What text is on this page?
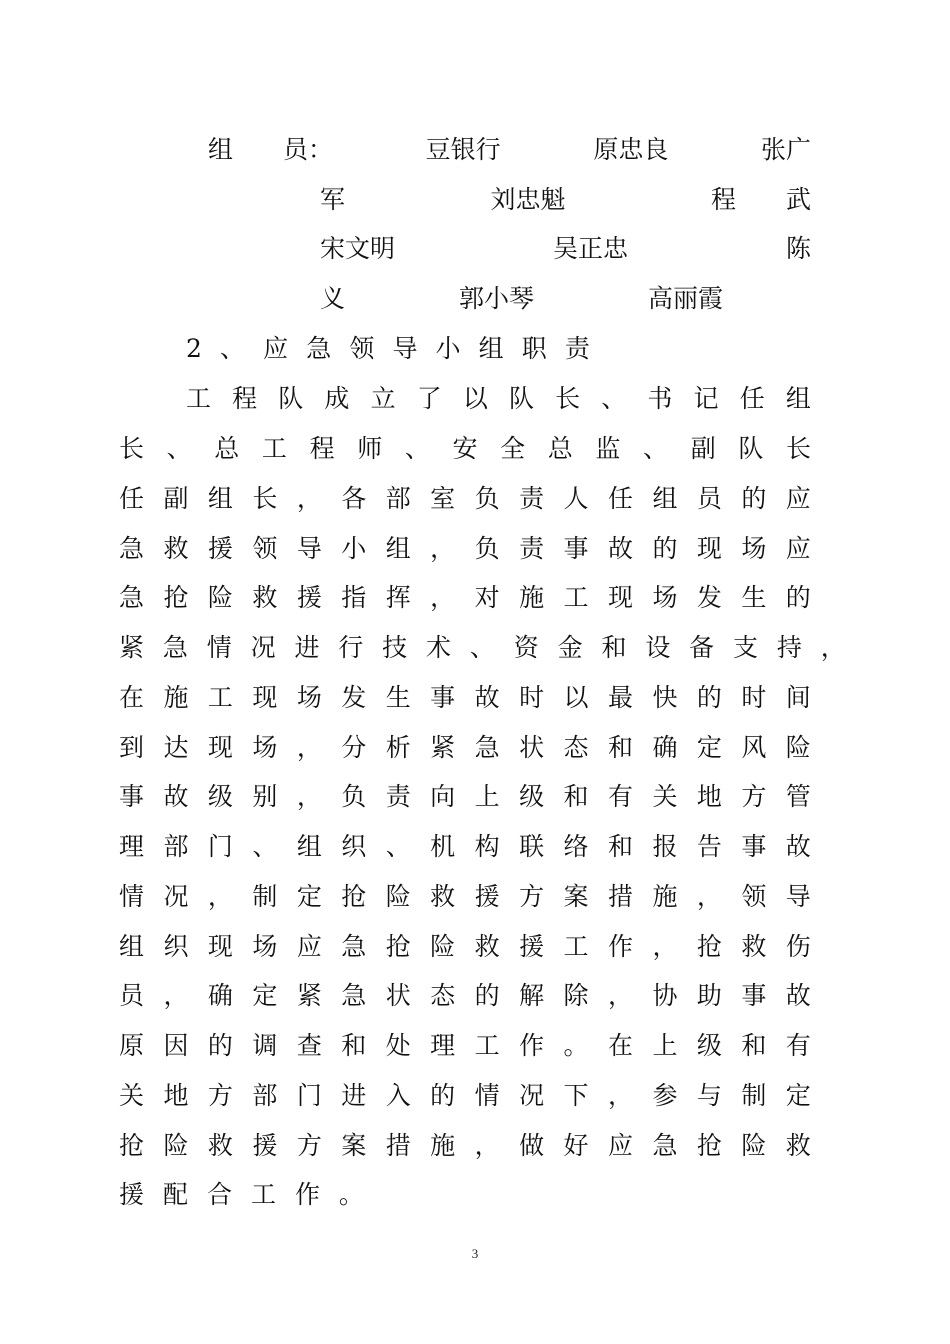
组　　员：	豆银行	原忠良	张广
军	刘忠魁	程　　武
宋文明	吴正忠	陈
义	郭小琴	高丽霞
2 、 应 急 领 导 小 组 职 责
工 程 队 成 立 了 以 队 长 、 书 记 任 组
长 、 总 工 程 师 、 安 全 总 监 、 副 队 长
任 副 组 长 ， 各 部 室 负 责 人 任 组 员 的 应
急 救 援 领 导 小 组 ， 负 责 事 故 的 现 场 应
急 抢 险 救 援 指 挥 ， 对 施 工 现 场 发 生 的
紧 急 情 况 进 行 技 术 、 资 金 和 设 备 支 持 ，
在 施 工 现 场 发 生 事 故 时 以 最 快 的 时 间
到 达 现 场 ， 分 析 紧 急 状 态 和 确 定 风 险
事 故 级 别 ， 负 责 向 上 级 和 有 关 地 方 管
理 部 门 、 组 织 、 机 构 联 络 和 报 告 事 故
情 况 ， 制 定 抢 险 救 援 方 案 措 施 ， 领 导
组 织 现 场 应 急 抢 险 救 援 工 作 ， 抢 救 伤
员 ， 确 定 紧 急 状 态 的 解 除 ， 协 助 事 故
原 因 的 调 查 和 处 理 工 作 。 在 上 级 和 有
关 地 方 部 门 进 入 的 情 况 下 ， 参 与 制 定
抢 险 救 援 方 案 措 施 ， 做 好 应 急 抢 险 救
援 配 合 工 作 。
3
